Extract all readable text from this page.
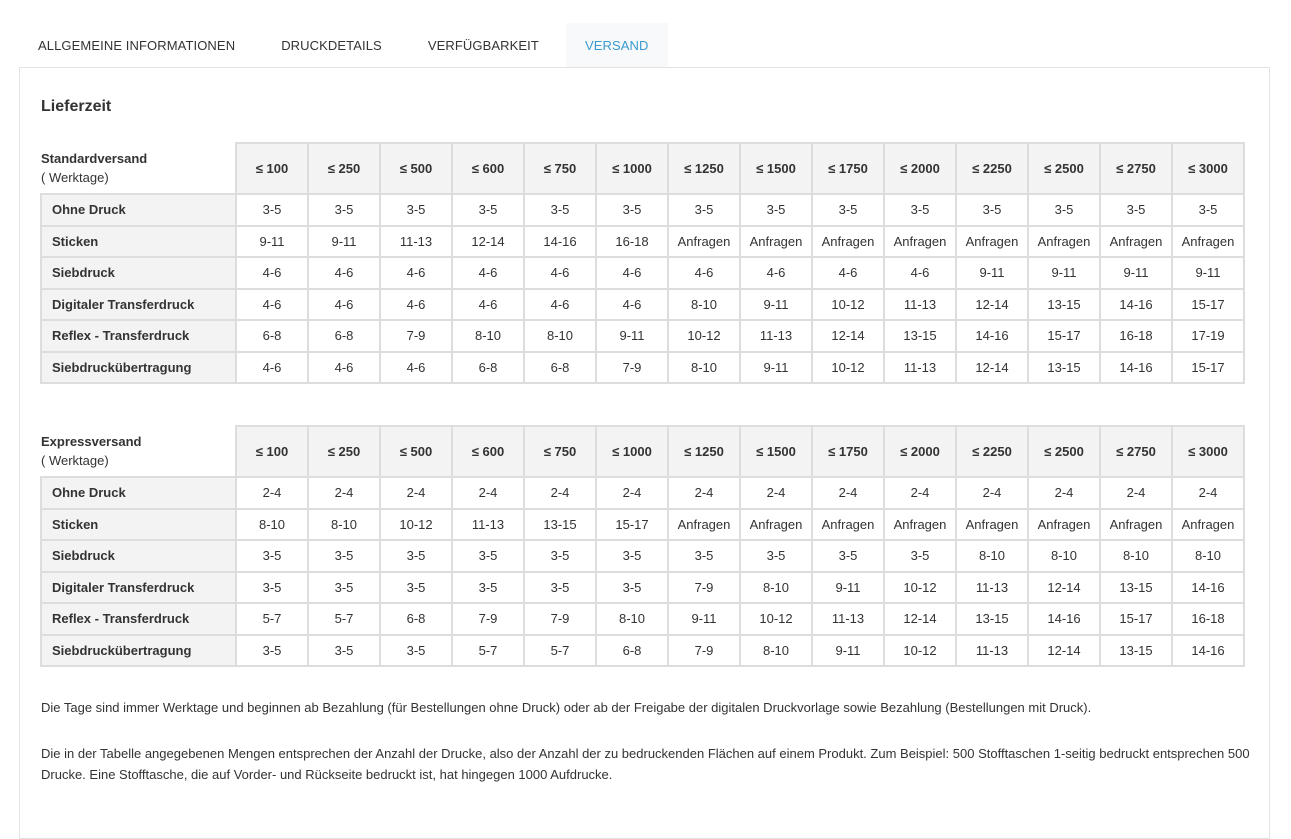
ALLGEMEINE INFORMATIONEN	DRUCKDETAILS	VERFÜGBARKEIT	VERSAND
Lieferzeit
Standardversand
( Werktage)	≤ 100	≤ 250	≤ 500	≤ 600	≤ 750	≤ 1000	≤ 1250	≤ 1500	≤ 1750	≤ 2000	≤ 2250	≤ 2500	≤ 2750	≤ 3000
Ohne Druck	3-5	3-5	3-5	3-5	3-5	3-5	3-5	3-5	3-5	3-5	3-5	3-5	3-5	3-5
Sticken	9-11	9-11	11-13	12-14	14-16	16-18	Anfragen	Anfragen	Anfragen	Anfragen	Anfragen	Anfragen	Anfragen	Anfragen
Siebdruck	4-6	4-6	4-6	4-6	4-6	4-6	4-6	4-6	4-6	4-6	9-11	9-11	9-11	9-11
Digitaler Transferdruck	4-6	4-6	4-6	4-6	4-6	4-6	8-10	9-11	10-12	11-13	12-14	13-15	14-16	15-17
Reflex - Transferdruck	6-8	6-8	7-9	8-10	8-10	9-11	10-12	11-13	12-14	13-15	14-16	15-17	16-18	17-19
Siebdruckübertragung	4-6	4-6	4-6	6-8	6-8	7-9	8-10	9-11	10-12	11-13	12-14	13-15	14-16	15-17
Expressversand
( Werktage)	≤ 100	≤ 250	≤ 500	≤ 600	≤ 750	≤ 1000	≤ 1250	≤ 1500	≤ 1750	≤ 2000	≤ 2250	≤ 2500	≤ 2750	≤ 3000
Ohne Druck	2-4	2-4	2-4	2-4	2-4	2-4	2-4	2-4	2-4	2-4	2-4	2-4	2-4	2-4
Sticken	8-10	8-10	10-12	11-13	13-15	15-17	Anfragen	Anfragen	Anfragen	Anfragen	Anfragen	Anfragen	Anfragen	Anfragen
Siebdruck	3-5	3-5	3-5	3-5	3-5	3-5	3-5	3-5	3-5	3-5	8-10	8-10	8-10	8-10
Digitaler Transferdruck	3-5	3-5	3-5	3-5	3-5	3-5	7-9	8-10	9-11	10-12	11-13	12-14	13-15	14-16
Reflex - Transferdruck	5-7	5-7	6-8	7-9	7-9	8-10	9-11	10-12	11-13	12-14	13-15	14-16	15-17	16-18
Siebdruckübertragung	3-5	3-5	3-5	5-7	5-7	6-8	7-9	8-10	9-11	10-12	11-13	12-14	13-15	14-16

Die Tage sind immer Werktage und beginnen ab Bezahlung (für Bestellungen ohne Druck) oder ab der Freigabe der digitalen Druckvorlage sowie Bezahlung (Bestellungen mit Druck).

Die in der Tabelle angegebenen Mengen entsprechen der Anzahl der Drucke, also der Anzahl der zu bedruckenden Flächen auf einem Produkt. Zum Beispiel: 500 Stofftaschen 1-seitig bedruckt entsprechen 500 Drucke. Eine Stofftasche, die auf Vorder- und Rückseite bedruckt ist, hat hingegen 1000 Aufdrucke.
